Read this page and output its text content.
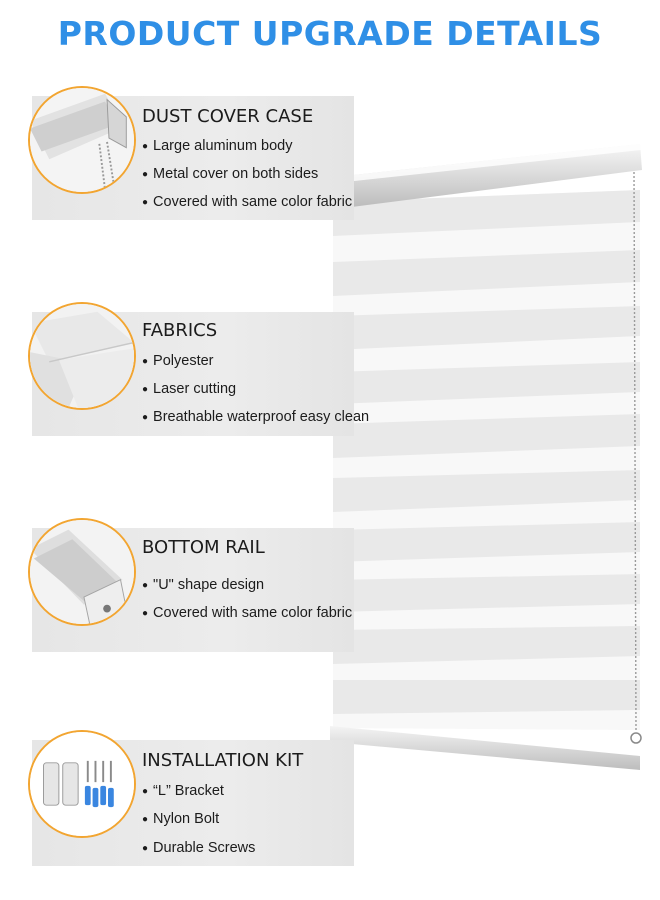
PRODUCT UPGRADE DETAILS
DUST COVER CASE
● Large aluminum body
● Metal cover on both sides
● Covered with same color fabric
FABRICS
● Polyester
● Laser cutting
● Breathable waterproof easy clean
BOTTOM RAIL
● "U" shape design
● Covered with same color fabric
INSTALLATION KIT
● “L” Bracket
● Nylon Bolt
● Durable Screws
